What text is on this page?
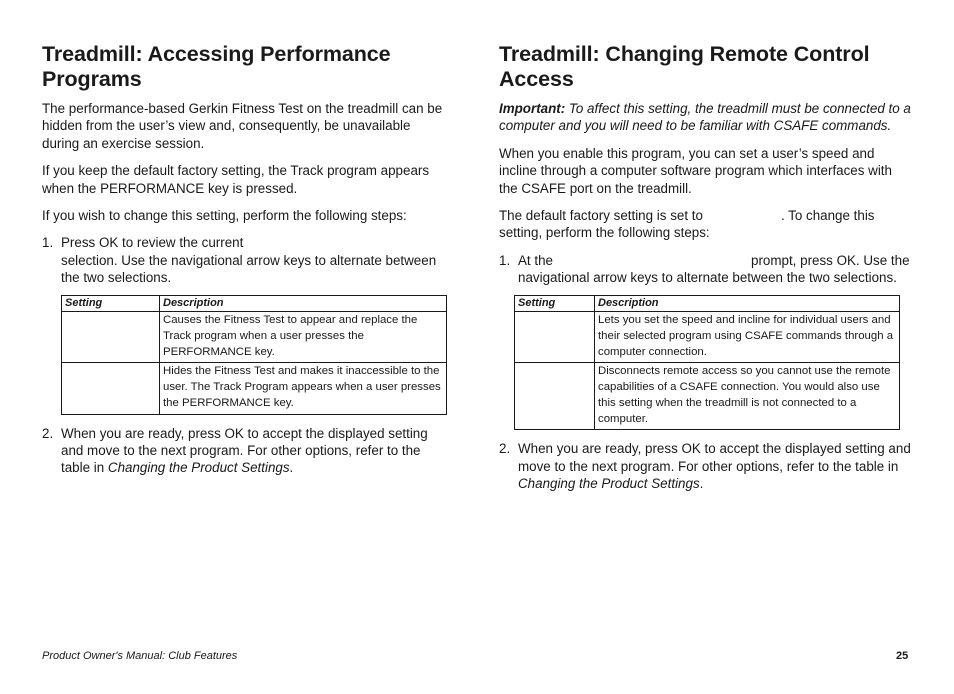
Treadmill: Accessing Performance Programs

The performance-based Gerkin Fitness Test on the treadmill can be hidden from the user’s view and, consequently, be unavailable during an exercise session.

If you keep the default factory setting, the Track program appears when the PERFORMANCE key is pressed.

If you wish to change this setting, perform the following steps:

1. Press OK to review the current
selection. Use the navigational arrow keys to alternate between the two selections.
Setting	Description
	Causes the Fitness Test to appear and replace the Track program when a user presses the PERFORMANCE key.
	Hides the Fitness Test and makes it inaccessible to the user. The Track Program appears when a user presses the PERFORMANCE key.
2. When you are ready, press OK to accept the displayed setting and move to the next program. For other options, refer to the table in Changing the Product Settings.
Treadmill: Changing Remote Control Access

Important: To affect this setting, the treadmill must be connected to a computer and you will need to be familiar with CSAFE commands.

When you enable this program, you can set a user’s speed and incline through a computer software program which interfaces with the CSAFE port on the treadmill.

The default factory setting is set to	. To change this setting, perform the following steps:

1. At the	prompt, press OK. Use the navigational arrow keys to alternate between the two selections.
Setting	Description
	Lets you set the speed and incline for individual users and their selected program using CSAFE commands through a computer connection.
	Disconnects remote access so you cannot use the remote capabilities of a CSAFE connection. You would also use this setting when the treadmill is not connected to a computer.
2. When you are ready, press OK to accept the displayed setting and move to the next program. For other options, refer to the table in Changing the Product Settings.
Product Owner's Manual: Club Features	25
